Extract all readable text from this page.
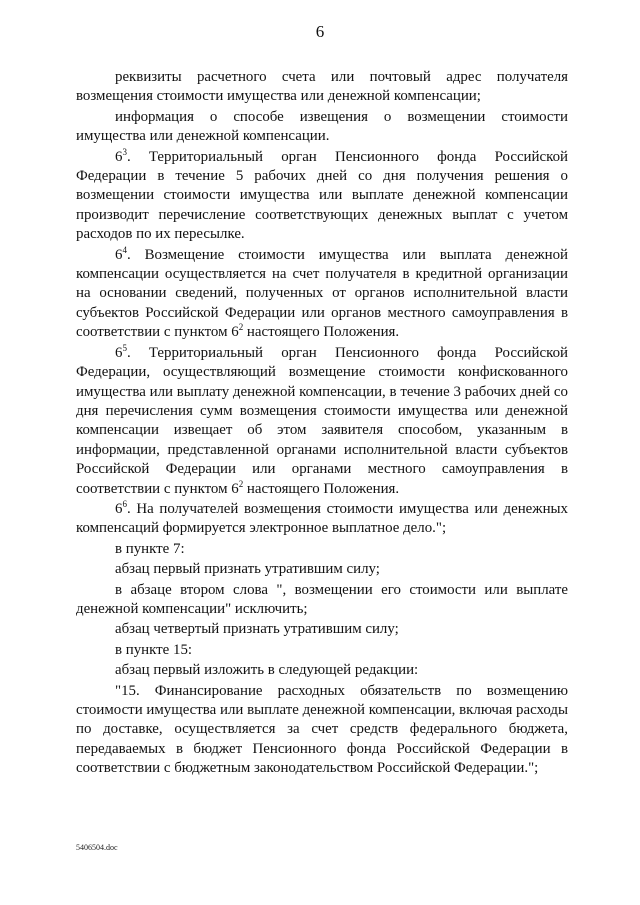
6

реквизиты расчетного счета или почтовый адрес получателя возмещения стоимости имущества или денежной компенсации;

информация о способе извещения о возмещении стоимости имущества или денежной компенсации.

$6^3$. Территориальный орган Пенсионного фонда Российской Федерации в течение 5 рабочих дней со дня получения решения о возмещении стоимости имущества или выплате денежной компенсации производит перечисление соответствующих денежных выплат с учетом расходов по их пересылке.

$6^4$. Возмещение стоимости имущества или выплата денежной компенсации осуществляется на счет получателя в кредитной организации на основании сведений, полученных от органов исполнительной власти субъектов Российской Федерации или органов местного самоуправления в соответствии с пунктом $6^2$ настоящего Положения.

$6^5$. Территориальный орган Пенсионного фонда Российской Федерации, осуществляющий возмещение стоимости конфискованного имущества или выплату денежной компенсации, в течение 3 рабочих дней со дня перечисления сумм возмещения стоимости имущества или денежной компенсации извещает об этом заявителя способом, указанным в информации, представленной органами исполнительной власти субъектов Российской Федерации или органами местного самоуправления в соответствии с пунктом $6^2$ настоящего Положения.

$6^6$. На получателей возмещения стоимости имущества или денежных компенсаций формируется электронное выплатное дело.";

в пункте 7:

абзац первый признать утратившим силу;

в абзаце втором слова ", возмещении его стоимости или выплате денежной компенсации" исключить;

абзац четвертый признать утратившим силу;

в пункте 15:

абзац первый изложить в следующей редакции:

"15. Финансирование расходных обязательств по возмещению стоимости имущества или выплате денежной компенсации, включая расходы по доставке, осуществляется за счет средств федерального бюджета, передаваемых в бюджет Пенсионного фонда Российской Федерации в соответствии с бюджетным законодательством Российской Федерации.";

5406504.doc
